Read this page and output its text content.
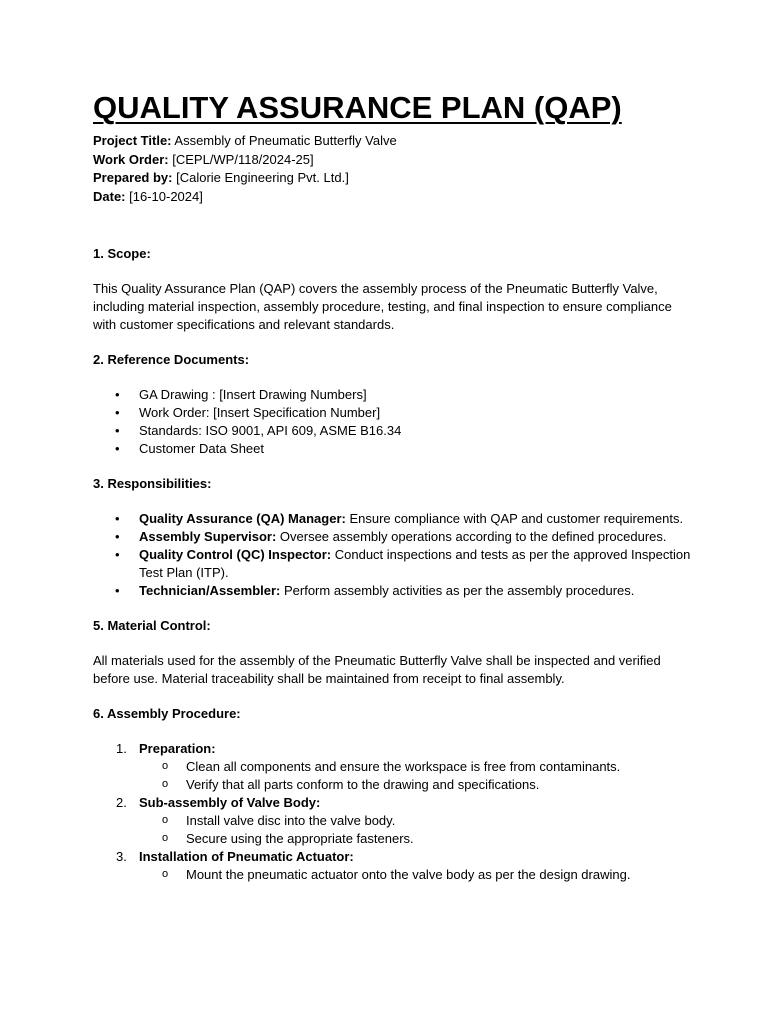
QUALITY ASSURANCE PLAN (QAP)
Project Title: Assembly of Pneumatic Butterfly Valve
Work Order: [CEPL/WP/118/2024-25]
Prepared by: [Calorie Engineering Pvt. Ltd.]
Date: [16-10-2024]
1. Scope:

This Quality Assurance Plan (QAP) covers the assembly process of the Pneumatic Butterfly Valve, including material inspection, assembly procedure, testing, and final inspection to ensure compliance with customer specifications and relevant standards.

2. Reference Documents:
• GA Drawing : [Insert Drawing Numbers]
• Work Order: [Insert Specification Number]
• Standards: ISO 9001, API 609, ASME B16.34
• Customer Data Sheet
3. Responsibilities:
• Quality Assurance (QA) Manager: Ensure compliance with QAP and customer requirements.
• Assembly Supervisor: Oversee assembly operations according to the defined procedures.
• Quality Control (QC) Inspector: Conduct inspections and tests as per the approved Inspection Test Plan (ITP).
• Technician/Assembler: Perform assembly activities as per the assembly procedures.
5. Material Control:

All materials used for the assembly of the Pneumatic Butterfly Valve shall be inspected and verified before use. Material traceability shall be maintained from receipt to final assembly.

6. Assembly Procedure:
1. Preparation:
o Clean all components and ensure the workspace is free from contaminants.
o Verify that all parts conform to the drawing and specifications.
2. Sub-assembly of Valve Body:
o Install valve disc into the valve body.
o Secure using the appropriate fasteners.
3. Installation of Pneumatic Actuator:
o Mount the pneumatic actuator onto the valve body as per the design drawing.
